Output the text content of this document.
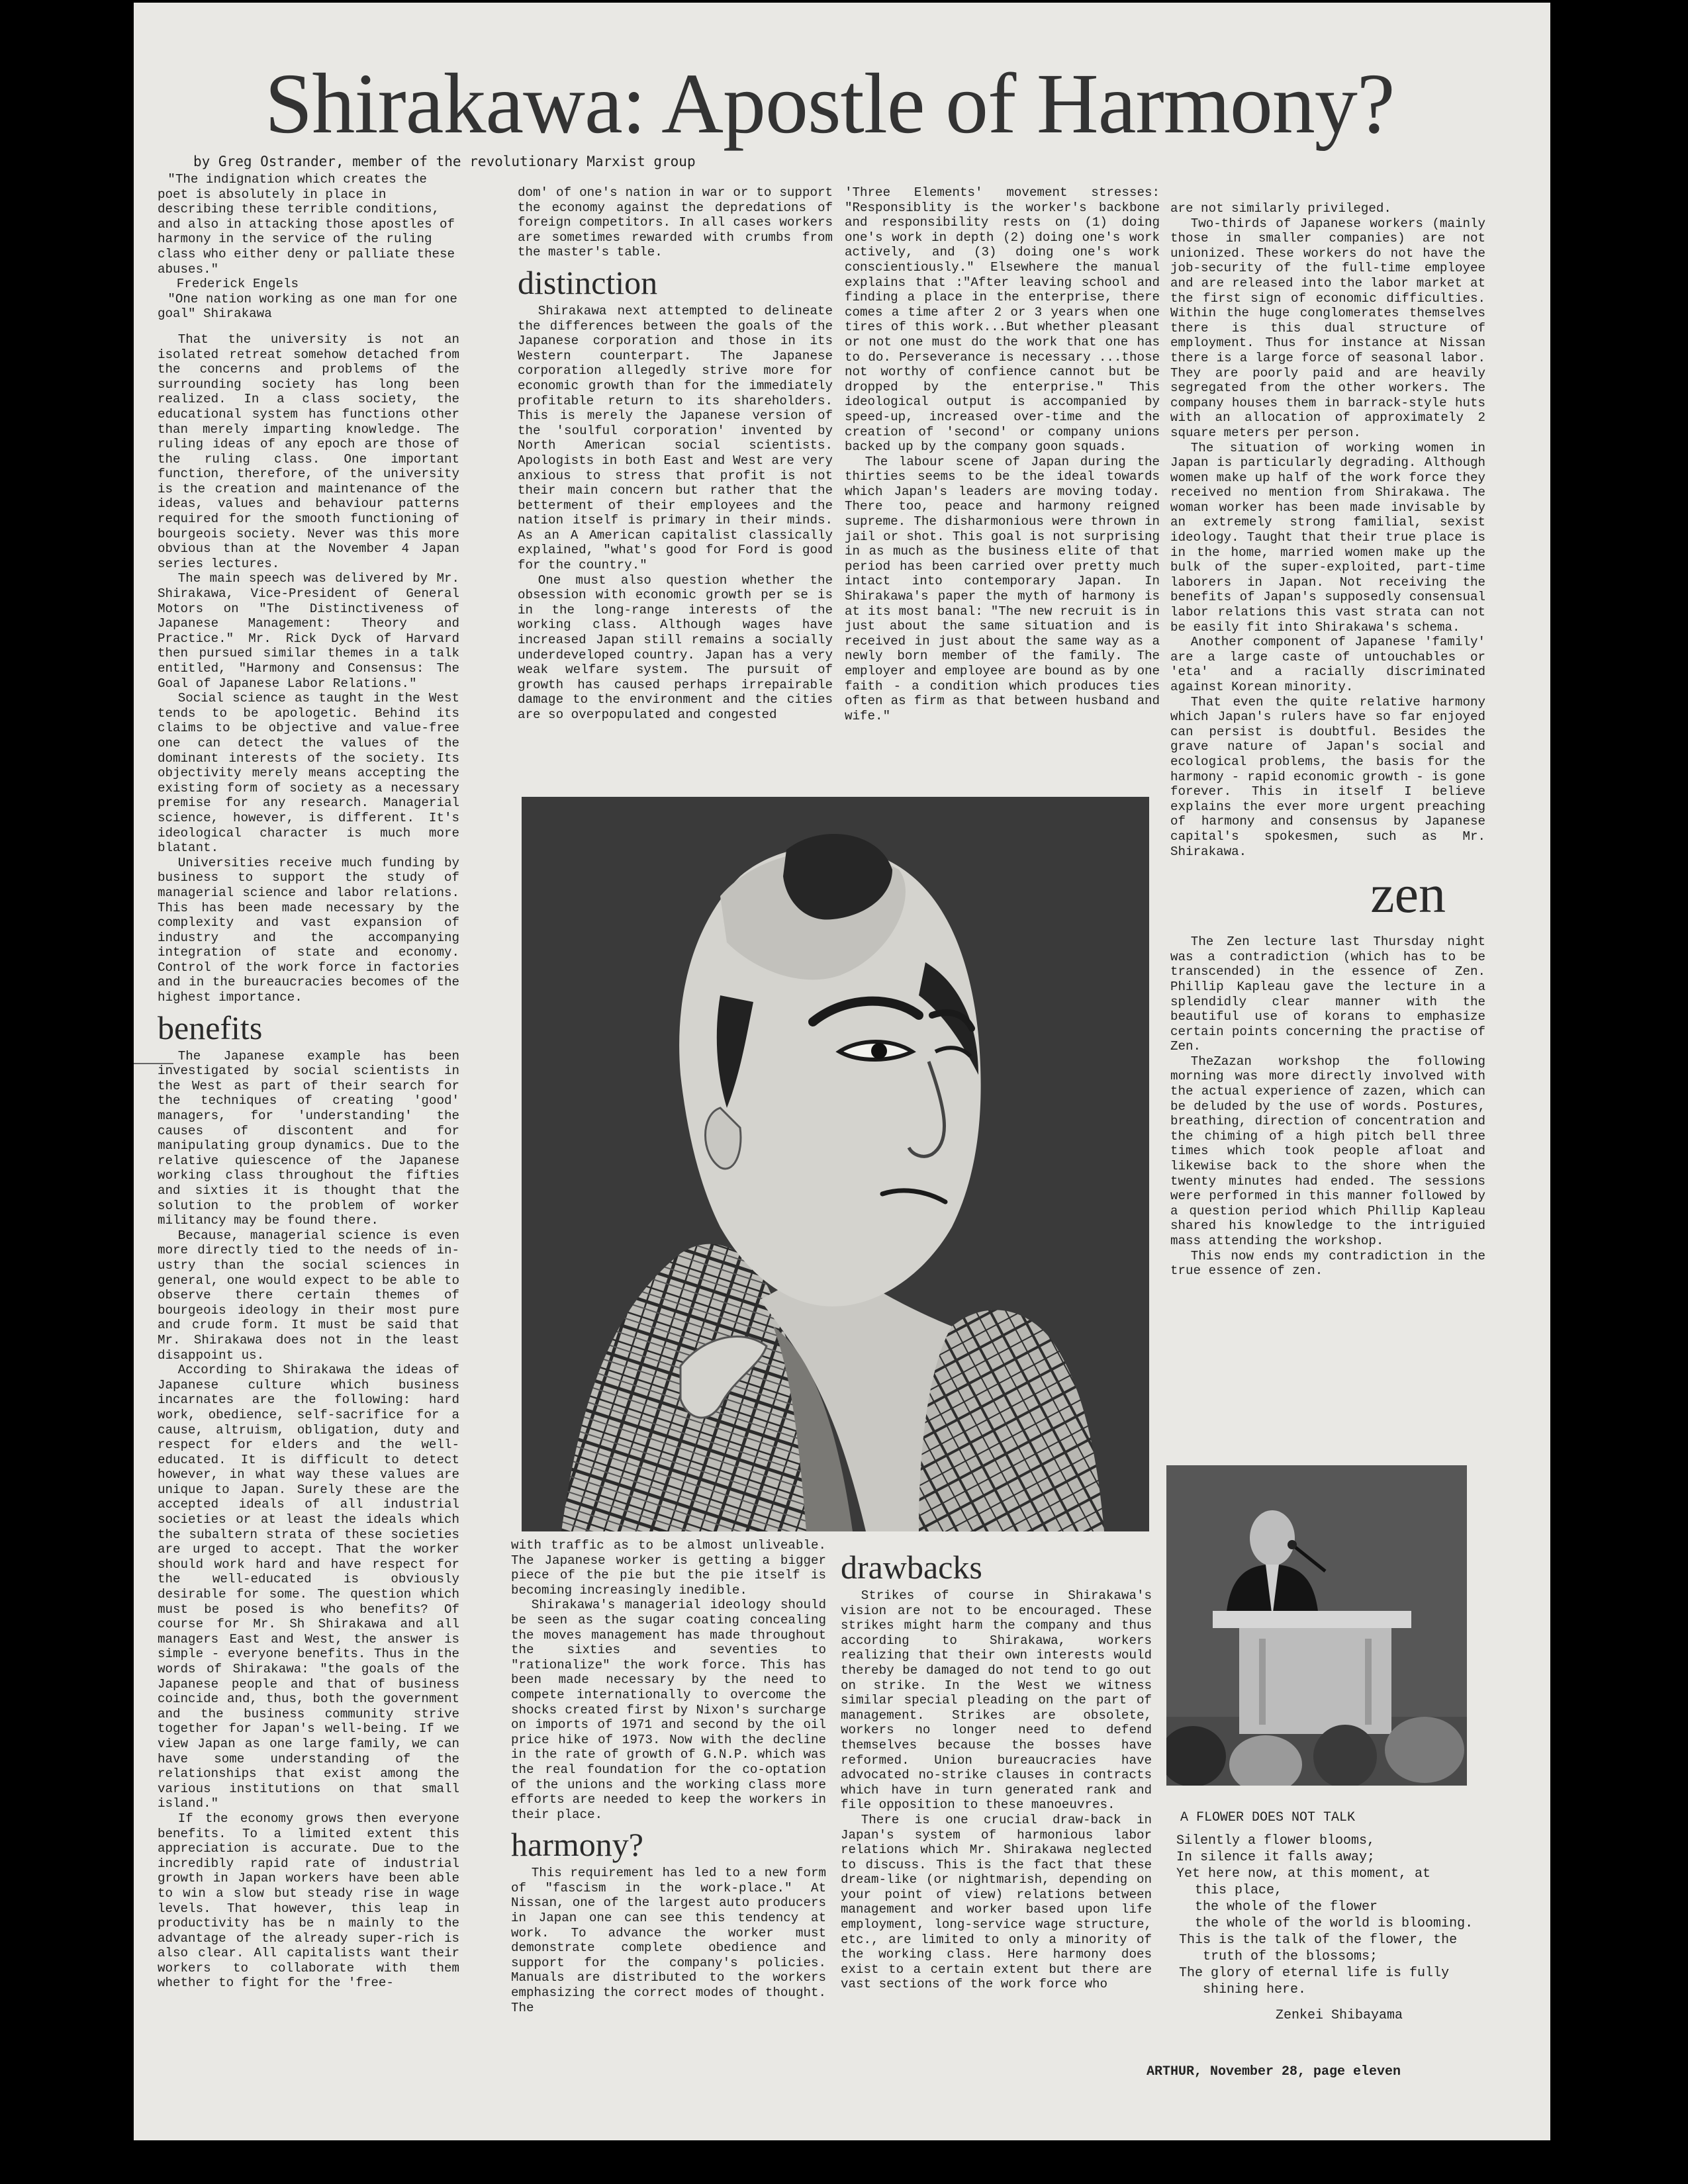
Shirakawa: Apostle of Harmony?
by Greg Ostrander, member of the revolutionary Marxist group

"The indignation which creates the poet is absolutely in place in describing these terrible conditions, and also in attacking those apostles of harmony in the service of the ruling class who either deny or palliate these abuses."

Frederick Engels

"One nation working as one man for one goal" Shirakawa

That the university is not an isolated retreat somehow detached from the concerns and problems of the surrounding society has long been realized. In a class society, the educational system has functions other than merely imparting knowledge. The ruling ideas of any epoch are those of the ruling class. One important function, therefore, of the university is the creation and maintenance of the ideas, values and behaviour patterns required for the smooth functioning of bourgeois society. Never was this more obvious than at the November 4 Japan series lectures.

The main speech was delivered by Mr. Shirakawa, Vice-President of General Motors on "The Distinctiveness of Japanese Management: Theory and Practice." Mr. Rick Dyck of Harvard then pursued similar themes in a talk entitled, "Harmony and Consensus: The Goal of Japanese Labor Relations."

Social science as taught in the West tends to be apologetic. Behind its claims to be objective and value-free one can detect the values of the dominant interests of the society. Its objectivity merely means accepting the existing form of society as a necessary premise for any research. Managerial science, however, is different. It's ideological character is much more blatant.

Universities receive much funding by business to support the study of managerial science and labor relations. This has been made necessary by the complexity and vast expansion of industry and the accompanying integration of state and economy. Control of the work force in factories and in the bureaucracies becomes of the highest importance.

benefits

The Japanese example has been investigated by social scientists in the West as part of their search for the techniques of creating 'good' managers, for 'understanding' the causes of discontent and for manipulating group dynamics. Due to the relative quiescence of the Japanese working class throughout the fifties and sixties it is thought that the solution to the problem of worker militancy may be found there.

Because, managerial science is even more directly tied to the needs of in- ustry than the social sciences in general, one would expect to be able to observe there certain themes of bourgeois ideology in their most pure and crude form. It must be said that Mr. Shirakawa does not in the least disappoint us.

According to Shirakawa the ideas of Japanese culture which business incarnates are the following: hard work, obedience, self-sacrifice for a cause, altruism, obligation, duty and respect for elders and the well-educated. It is difficult to detect however, in what way these values are unique to Japan. Surely these are the accepted ideals of all industrial societies or at least the ideals which the subaltern strata of these societies are urged to accept. That the worker should work hard and have respect for the well-educated is obviously desirable for some. The question which must be posed is who benefits? Of course for Mr. Sh Shirakawa and all managers East and West, the answer is simple - everyone benefits. Thus in the words of Shirakawa: "the goals of the Japanese people and that of business coincide and, thus, both the government and the business community strive together for Japan's well-being. If we view Japan as one large family, we can have some understanding of the relationships that exist among the various institutions on that small island."

If the economy grows then everyone benefits. To a limited extent this appreciation is accurate. Due to the incredibly rapid rate of industrial growth in Japan workers have been able to win a slow but steady rise in wage levels. That however, this leap in productivity has be n mainly to the advantage of the already super-rich is also clear. All capitalists want their workers to collaborate with them whether to fight for the 'free-

dom' of one's nation in war or to support the economy against the depredations of foreign competitors. In all cases workers are sometimes rewarded with crumbs from the master's table.

distinction

Shirakawa next attempted to delineate the differences between the goals of the Japanese corporation and those in its Western counterpart. The Japanese corporation allegedly strive more for economic growth than for the immediately profitable return to its shareholders. This is merely the Japanese version of the 'soulful corporation' invented by North American social scientists. Apologists in both East and West are very anxious to stress that profit is not their main concern but rather that the betterment of their employees and the nation itself is primary in their minds. As an A American capitalist classically explained, "what's good for Ford is good for the country."

One must also question whether the obsession with economic growth per se is in the long-range interests of the working class. Although wages have increased Japan still remains a socially underdeveloped country. Japan has a very weak welfare system. The pursuit of growth has caused perhaps irrepairable damage to the environment and the cities are so overpopulated and congested

'Three Elements' movement stresses: "Responsiblity is the worker's backbone and responsibility rests on (1) doing one's work in depth (2) doing one's work actively, and (3) doing one's work conscientiously." Elsewhere the manual explains that :"After leaving school and finding a place in the enterprise, there comes a time after 2 or 3 years when one tires of this work...But whether pleasant or not one must do the work that one has to do. Perseverance is necessary ...those not worthy of confience cannot but be dropped by the enterprise." This ideological output is accompanied by speed-up, increased over-time and the creation of 'second' or company unions backed up by the company goon squads.

The labour scene of Japan during the thirties seems to be the ideal towards which Japan's leaders are moving today. There too, peace and harmony reigned supreme. The disharmonious were thrown in jail or shot. This goal is not surprising in as much as the business elite of that period has been carried over pretty much intact into contemporary Japan. In Shirakawa's paper the myth of harmony is at its most banal: "The new recruit is in just about the same situation and is received in just about the same way as a newly born member of the family. The employer and employee are bound as by one faith - a condition which produces ties often as firm as that between husband and wife."

are not similarly privileged.

Two-thirds of Japanese workers (mainly those in smaller companies) are not unionized. These workers do not have the job-security of the full-time employee and are released into the labor market at the first sign of economic difficulties. Within the huge conglomerates themselves there is this dual structure of employment. Thus for instance at Nissan there is a large force of seasonal labor. They are poorly paid and are heavily segregated from the other workers. The company houses them in barrack-style huts with an allocation of approximately 2 square meters per person.

The situation of working women in Japan is particularly degrading. Although women make up half of the work force they received no mention from Shirakawa. The woman worker has been made invisable by an extremely strong familial, sexist ideology. Taught that their true place is in the home, married women make up the bulk of the super-exploited, part-time laborers in Japan. Not receiving the benefits of Japan's supposedly consensual labor relations this vast strata can not be easily fit into Shirakawa's schema.

Another component of Japanese 'family' are a large caste of untouchables or 'eta' and a racially discriminated against Korean minority.

That even the quite relative harmony which Japan's rulers have so far enjoyed can persist is doubtful. Besides the grave nature of Japan's social and ecological problems, the basis for the harmony - rapid economic growth - is gone forever. This in itself I believe explains the ever more urgent preaching of harmony and consensus by Japanese capital's spokesmen, such as Mr. Shirakawa.

zen

The Zen lecture last Thursday night was a contradiction (which has to be transcended) in the essence of Zen. Phillip Kapleau gave the lecture in a splendidly clear manner with the beautiful use of korans to emphasize certain points concerning the practise of Zen.

TheZazan workshop the following morning was more directly involved with the actual experience of zazen, which can be deluded by the use of words. Postures, breathing, direction of concentration and the chiming of a high pitch bell three times which took people afloat and likewise back to the shore when the twenty minutes had ended. The sessions were performed in this manner followed by a question period which Phillip Kapleau shared his knowledge to the intriguied mass attending the workshop.

This now ends my contradiction in the true essence of zen.

with traffic as to be almost unliveable. The Japanese worker is getting a bigger piece of the pie but the pie itself is becoming increasingly inedible.

Shirakawa's managerial ideology should be seen as the sugar coating concealing the moves management has made throughout the sixties and seventies to "rationalize" the work force. This has been made necessary by the need to compete internationally to overcome the shocks created first by Nixon's surcharge on imports of 1971 and second by the oil price hike of 1973. Now with the decline in the rate of growth of G.N.P. which was the real foundation for the co-optation of the unions and the working class more efforts are needed to keep the workers in their place.

harmony?

This requirement has led to a new form of "fascism in the work-place." At Nissan, one of the largest auto producers in Japan one can see this tendency at work. To advance the worker must demonstrate complete obedience and support for the company's policies. Manuals are distributed to the workers emphasizing the correct modes of thought. The

drawbacks

Strikes of course in Shirakawa's vision are not to be encouraged. These strikes might harm the company and thus according to Shirakawa, workers realizing that their own interests would thereby be damaged do not tend to go out on strike. In the West we witness similar special pleading on the part of management. Strikes are obsolete, workers no longer need to defend themselves because the bosses have reformed. Union bureaucracies have advocated no-strike clauses in contracts which have in turn generated rank and file opposition to these manoeuvres.

There is one crucial draw-back in Japan's system of harmonious labor relations which Mr. Shirakawa neglected to discuss. This is the fact that these dream-like (or nightmarish, depending on your point of view) relations between management and worker based upon life employment, long-service wage structure, etc., are limited to only a minority of the working class. Here harmony does exist to a certain extent but there are vast sections of the work force who

A FLOWER DOES NOT TALK
Silently a flower blooms,
In silence it falls away;
Yet here now, at this moment, at
this place,
the whole of the flower
the whole of the world is blooming.
This is the talk of the flower, the
truth of the blossoms;
The glory of eternal life is fully
shining here.
Zenkei Shibayama
ARTHUR, November 28, page eleven
